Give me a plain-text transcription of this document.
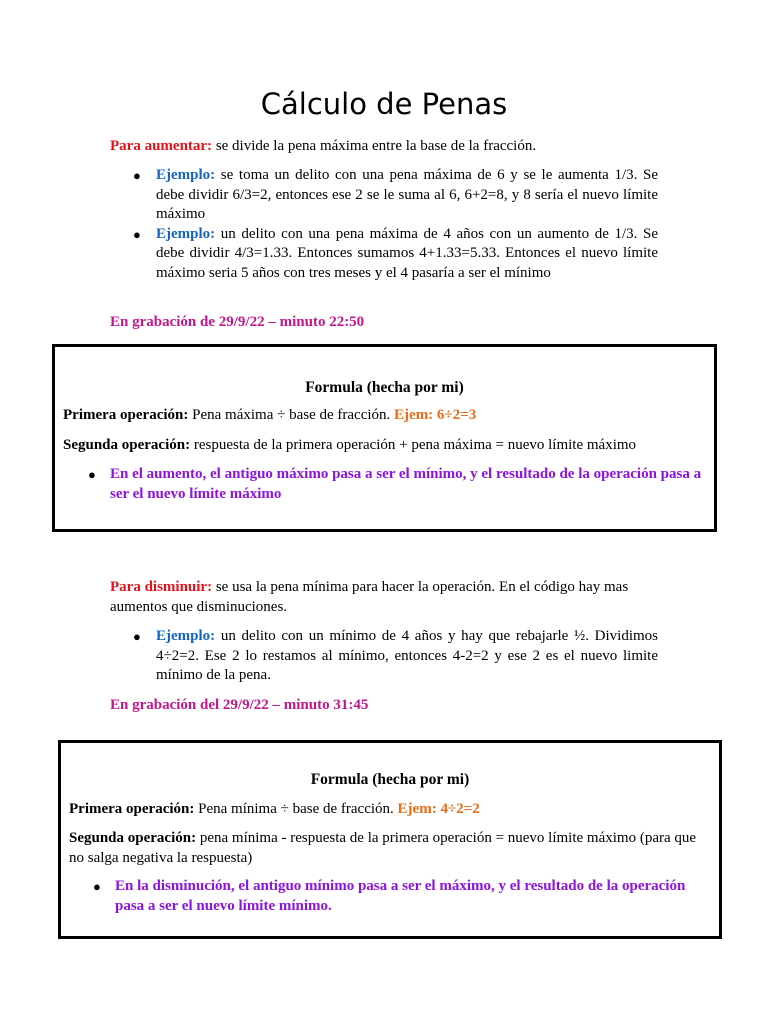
Cálculo de Penas
Para aumentar: se divide la pena máxima entre la base de la fracción.
● Ejemplo: se toma un delito con una pena máxima de 6 y se le aumenta 1/3. Se debe dividir 6/3=2, entonces ese 2 se le suma al 6, 6+2=8, y 8 sería el nuevo límite máximo
● Ejemplo: un delito con una pena máxima de 4 años con un aumento de 1/3. Se debe dividir 4/3=1.33. Entonces sumamos 4+1.33=5.33. Entonces el nuevo límite máximo seria 5 años con tres meses y el 4 pasaría a ser el mínimo
En grabación de 29/9/22 – minuto 22:50
Formula (hecha por mi)
Primera operación: Pena máxima ÷ base de fracción. Ejem: 6÷2=3
Segunda operación: respuesta de la primera operación + pena máxima = nuevo límite máximo
● En el aumento, el antiguo máximo pasa a ser el mínimo, y el resultado de la operación pasa a ser el nuevo límite máximo
Para disminuir: se usa la pena mínima para hacer la operación. En el código hay mas aumentos que disminuciones.
● Ejemplo: un delito con un mínimo de 4 años y hay que rebajarle ½. Dividimos 4÷2=2. Ese 2 lo restamos al mínimo, entonces 4-2=2 y ese 2 es el nuevo limite mínimo de la pena.
En grabación del 29/9/22 – minuto 31:45
Formula (hecha por mi)
Primera operación: Pena mínima ÷ base de fracción. Ejem: 4÷2=2
Segunda operación: pena mínima - respuesta de la primera operación = nuevo límite máximo (para que no salga negativa la respuesta)
● En la disminución, el antiguo mínimo pasa a ser el máximo, y el resultado de la operación pasa a ser el nuevo límite mínimo.
